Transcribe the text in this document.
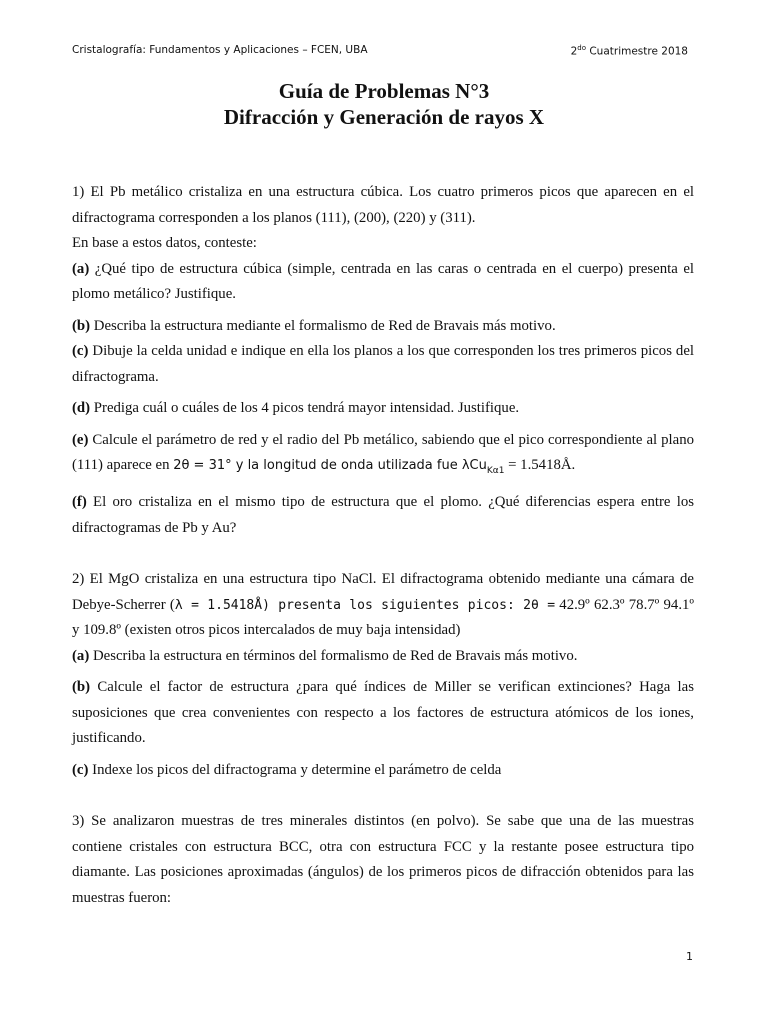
Cristalografía: Fundamentos y Aplicaciones – FCEN, UBA	$2^{do}$ Cuatrimestre 2018
Guía de Problemas N°3
Difracción y Generación de rayos X

1) El Pb metálico cristaliza en una estructura cúbica. Los cuatro primeros picos que aparecen en el difractograma corresponden a los planos (111), (200), (220) y (311).

En base a estos datos, conteste:

(a) ¿Qué tipo de estructura cúbica (simple, centrada en las caras o centrada en el cuerpo) presenta el plomo metálico? Justifique.

(b) Describa la estructura mediante el formalismo de Red de Bravais más motivo.

(c) Dibuje la celda unidad e indique en ella los planos a los que corresponden los tres primeros picos del difractograma.

(d) Prediga cuál o cuáles de los 4 picos tendrá mayor intensidad. Justifique.

(e) Calcule el parámetro de red y el radio del Pb metálico, sabiendo que el pico correspondiente al plano (111) aparece en 2θ = 31° y la longitud de onda utilizada fue λCu$_{K\alpha 1}$ = 1.5418Å.

(f) El oro cristaliza en el mismo tipo de estructura que el plomo. ¿Qué diferencias espera entre los difractogramas de Pb y Au?

2) El MgO cristaliza en una estructura tipo NaCl. El difractograma obtenido mediante una cámara de Debye-Scherrer (λ = 1.5418Å) presenta los siguientes picos: 2θ = 42.9º 62.3º 78.7º 94.1º y 109.8º (existen otros picos intercalados de muy baja intensidad)

(a) Describa la estructura en términos del formalismo de Red de Bravais más motivo.

(b) Calcule el factor de estructura ¿para qué índices de Miller se verifican extinciones? Haga las suposiciones que crea convenientes con respecto a los factores de estructura atómicos de los iones, justificando.

(c) Indexe los picos del difractograma y determine el parámetro de celda

3) Se analizaron muestras de tres minerales distintos (en polvo). Se sabe que una de las muestras contiene cristales con estructura BCC, otra con estructura FCC y la restante posee estructura tipo diamante. Las posiciones aproximadas (ángulos) de los primeros picos de difracción obtenidos para las muestras fueron:

1
